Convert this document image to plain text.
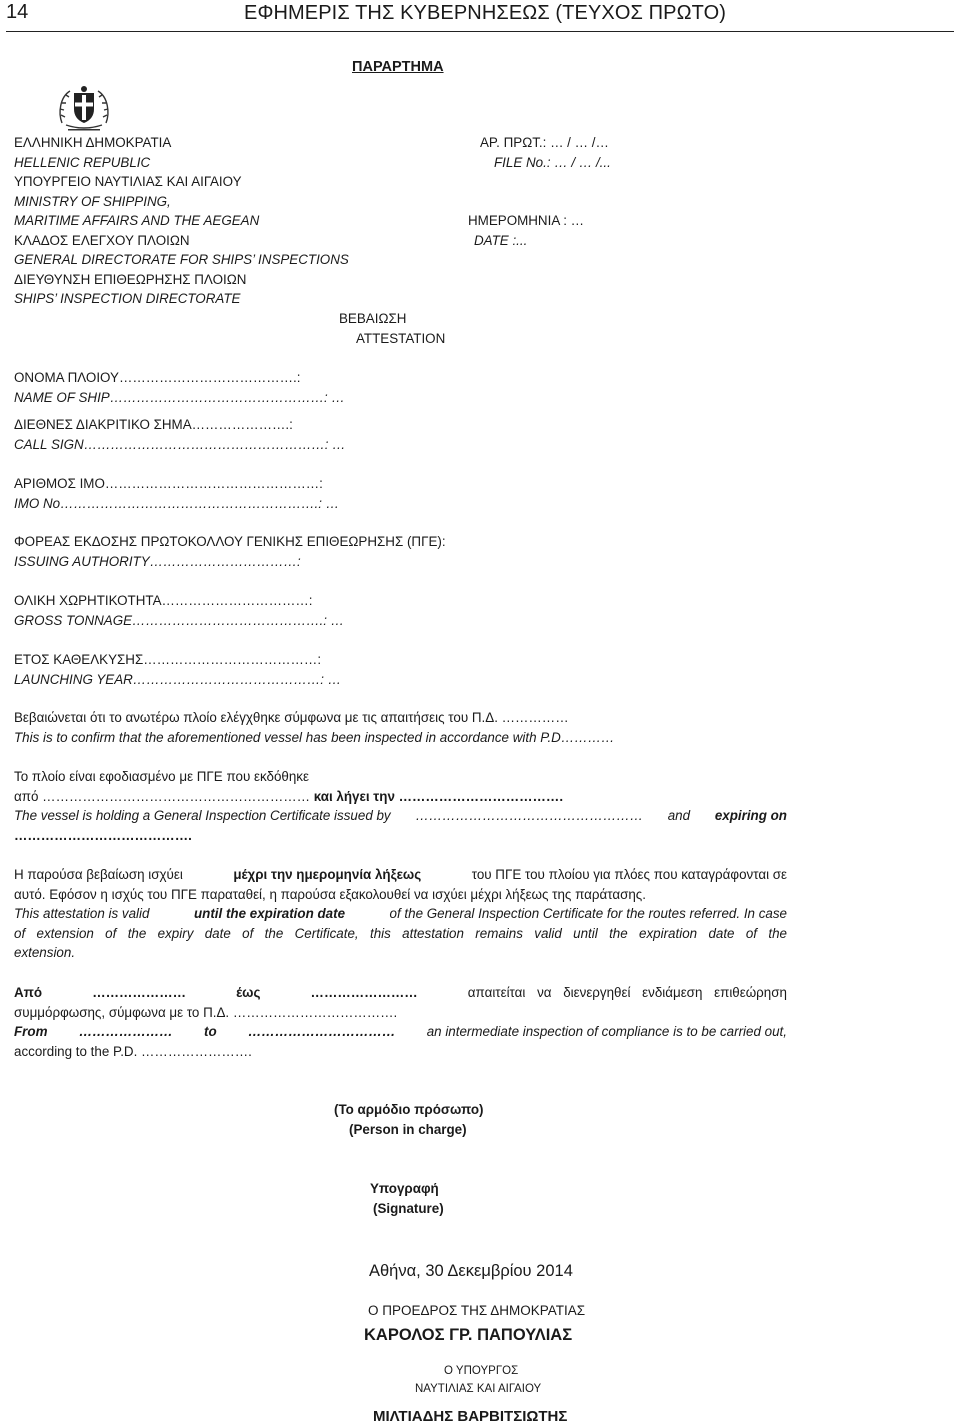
14	ΕΦΗΜΕΡΙΣ ΤΗΣ ΚΥΒΕΡΝΗΣΕΩΣ (ΤΕΥΧΟΣ ΠΡΩΤΟ)
ΠΑΡΑΡΤΗΜΑ
ΕΛΛΗΝΙΚΗ ΔΗΜΟΚΡΑΤΙΑ
HELLENIC REPUBLIC
ΥΠΟΥΡΓΕΙΟ ΝΑΥΤΙΛΙΑΣ ΚΑΙ ΑΙΓΑΙΟΥ
MINISTRY OF SHIPPING,
MARITIME AFFAIRS AND THE AEGEAN
ΚΛΑΔΟΣ ΕΛΕΓΧΟΥ ΠΛΟΙΩΝ
GENERAL DIRECTORATE FOR SHIPS’ INSPECTIONS
ΔΙΕΥΘΥΝΣΗ ΕΠΙΘΕΩΡΗΣΗΣ ΠΛΟΙΩΝ
SHIPS’ INSPECTION DIRECTORATE
ΑΡ. ΠΡΩΤ.: … / … /…
FILE No.: … / … /...
ΗΜΕΡΟΜΗΝΙΑ : …
DATE :...
ΒΕΒΑΙΩΣΗ
ATTESTATION
ΟΝΟΜΑ ΠΛΟΙΟΥ………………………………….:
NAME OF SHIP…………………………………………: …
ΔΙΕΘΝΕΣ ΔΙΑΚΡΙΤΙΚΟ ΣΗΜΑ………………….:
CALL SIGN………………………………………………: …
ΑΡΙΘΜΟΣ IMO…………………………………………:
IMO No………………………………………………….: …
ΦΟΡΕΑΣ ΕΚΔΟΣΗΣ ΠΡΩΤΟΚΟΛΛΟΥ ΓΕΝΙΚΗΣ ΕΠΙΘΕΩΡΗΣΗΣ (ΠΓΕ):
ISSUING AUTHORITY……………………………:
ΟΛΙΚΗ ΧΩΡΗΤΙΚΟΤΗΤΑ……………………………:
GROSS TONNAGE…………………………………….: …
ΕΤΟΣ ΚΑΘΕΛΚΥΣΗΣ…………………………………:
LAUNCHING YEAR……………………………………: …
Βεβαιώνεται ότι το ανωτέρω πλοίο ελέγχθηκε σύμφωνα με τις απαιτήσεις του Π.Δ. ……………
This is to confirm that the aforementioned vessel has been inspected in accordance with P.D…………
Το πλοίο είναι εφοδιασμένο με ΠΓΕ που εκδόθηκε
από …………………………………………………… και λήγει την ……………………………….
The vessel is holding a General Inspection Certificate issued by …………………………………………… and expiring on
………………………………….
Η παρούσα βεβαίωση ισχύει	μέχρι την ημερομηνία λήξεως	του ΠΓΕ του πλοίου για πλόες που καταγράφονται σε
αυτό. Εφόσον η ισχύς του ΠΓΕ παραταθεί, η παρούσα εξακολουθεί να ισχύει μέχρι λήξεως της παράτασης.
This attestation is valid	until the expiration date	of the General Inspection Certificate for the routes referred. In case
of extension of the expiry date of the Certificate, this attestation remains valid until the expiration date of the
extension.
Από	…………………	έως	……………………	απαιτείται να διενεργηθεί ενδιάμεση επιθεώρηση
συμμόρφωσης, σύμφωνα με το Π.Δ. ……………………………….
From ………………… to …………………………… an intermediate inspection of compliance is to be carried out,
according to the P.D. …………………….
(Το αρμόδιο πρόσωπο)
(Person in charge)
Υπογραφή
(Signature)
Αθήνα, 30 Δεκεμβρίου 2014
Ο ΠΡΟΕΔΡΟΣ ΤΗΣ ΔΗΜΟΚΡΑΤΙΑΣ
ΚΑΡΟΛΟΣ ΓΡ. ΠΑΠΟΥΛΙΑΣ
Ο ΥΠΟΥΡΓΟΣ
ΝΑΥΤΙΛΙΑΣ ΚΑΙ ΑΙΓΑΙΟΥ
ΜΙΛΤΙΑΔΗΣ ΒΑΡΒΙΤΣΙΩΤΗΣ
